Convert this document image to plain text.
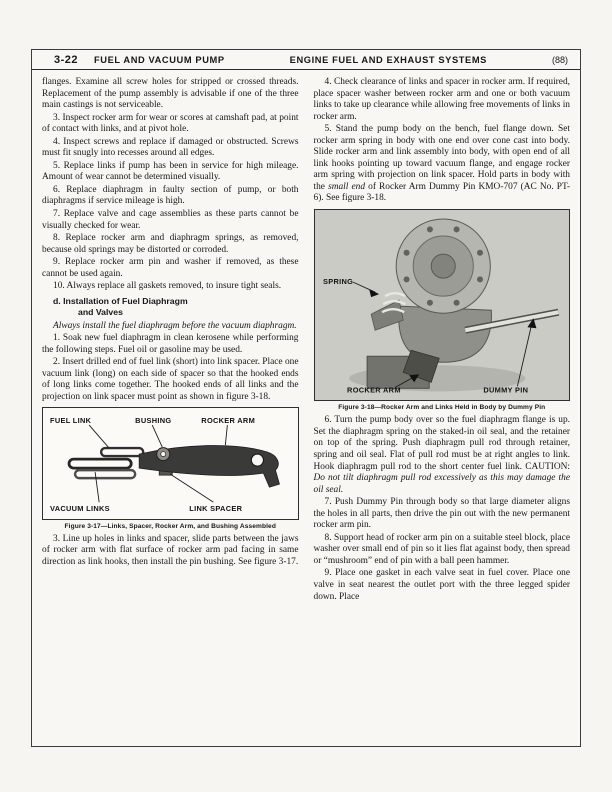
3-22 FUEL AND VACUUM PUMP	ENGINE FUEL AND EXHAUST SYSTEMS	(88)

flanges. Examine all screw holes for stripped or crossed threads. Replacement of the pump assembly is advisable if one of the three main castings is not serviceable.

3. Inspect rocker arm for wear or scores at camshaft pad, at point of contact with links, and at pivot hole.

4. Inspect screws and replace if damaged or obstructed. Screws must fit snugly into recesses around all edges.

5. Replace links if pump has been in service for high mileage. Amount of wear cannot be determined visually.

6. Replace diaphragm in faulty section of pump, or both diaphragms if service mileage is high.

7. Replace valve and cage assemblies as these parts cannot be visually checked for wear.

8. Replace rocker arm and diaphragm springs, as removed, because old springs may be distorted or corroded.

9. Replace rocker arm pin and washer if removed, as these cannot be used again.

10. Always replace all gaskets removed, to insure tight seals.

d. Installation of Fuel Diaphragm
and Valves

Always install the fuel diaphragm before the vacuum diaphragm.

1. Soak new fuel diaphragm in clean kerosene while performing the following steps. Fuel oil or gasoline may be used.

2. Insert drilled end of fuel link (short) into link spacer. Place one vacuum link (long) on each side of spacer so that the hooked ends of long links come together. The hooked ends of all links and the projection on link spacer must point as shown in figure 3-18.

FUEL LINK	BUSHING	ROCKER ARM
VACUUM LINKS	LINK SPACER
Figure 3-17—Links, Spacer, Rocker Arm, and Bushing Assembled

3. Line up holes in links and spacer, slide parts between the jaws of rocker arm with flat surface of rocker arm pad facing in same direction as link hooks, then install the pin bushing. See figure 3-17.

4. Check clearance of links and spacer in rocker arm. If required, place spacer washer between rocker arm and one or both vacuum links to take up clearance while allowing free movements of links in rocker arm.

5. Stand the pump body on the bench, fuel flange down. Set rocker arm spring in body with one end over cone cast into body. Slide rocker arm and link assembly into body, with open end of all link hooks pointing up toward vacuum flange, and engage rocker arm spring with projection on link spacer. Hold parts in body with the small end of Rocker Arm Dummy Pin KMO-707 (AC No. PT-6). See figure 3-18.

SPRING
ROCKER ARM	DUMMY PIN
Figure 3-18—Rocker Arm and Links Held in Body by Dummy Pin

6. Turn the pump body over so the fuel diaphragm flange is up. Set the diaphragm spring on the staked-in oil seal, and the retainer on top of the spring. Push diaphragm pull rod through retainer, spring and oil seal. Flat of pull rod must be at right angles to link. Hook diaphragm pull rod to the short center fuel link. CAUTION: Do not tilt diaphragm pull rod excessively as this may damage the oil seal.

7. Push Dummy Pin through body so that large diameter aligns the holes in all parts, then drive the pin out with the new permanent rocker arm pin.

8. Support head of rocker arm pin on a suitable steel block, place washer over small end of pin so it lies flat against body, then spread or “mushroom” end of pin with a ball peen hammer.

9. Place one gasket in each valve seat in fuel cover. Place one valve in seat nearest the outlet port with the three legged spider down. Place
